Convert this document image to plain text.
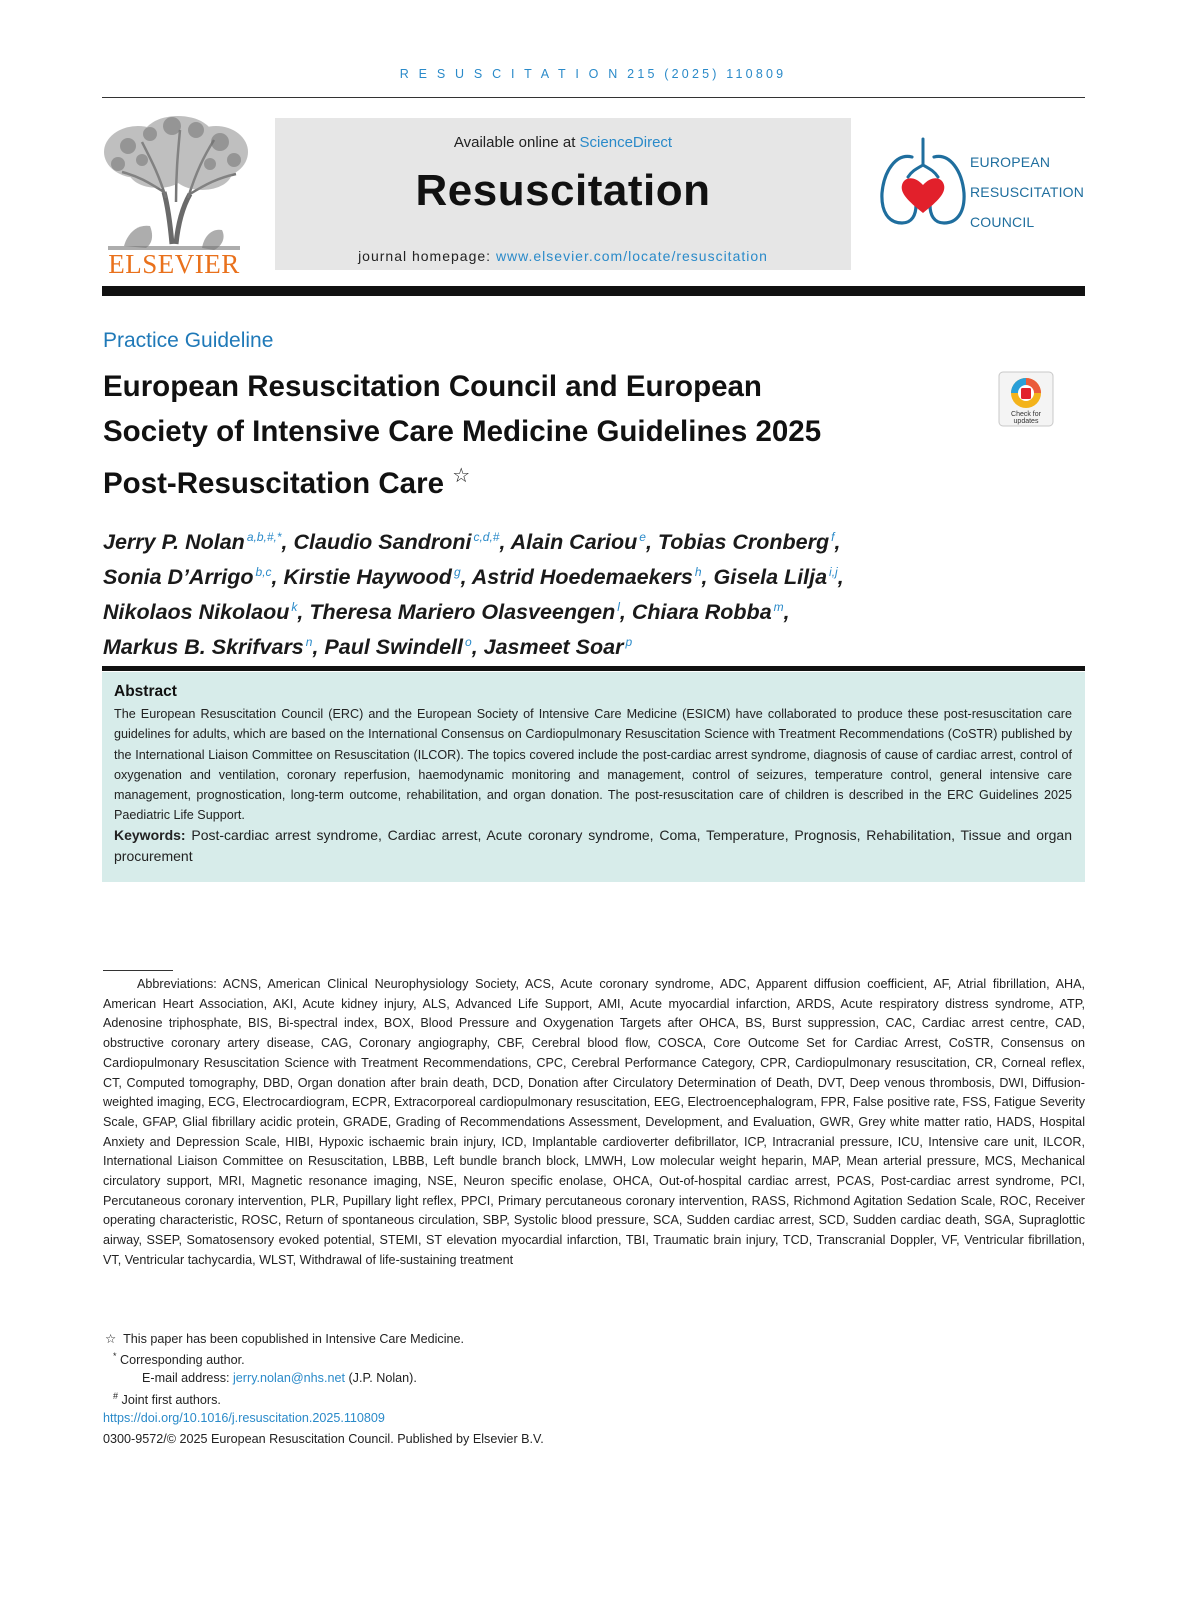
R E S U S C I T A T I O N 215 (2025) 110809
ELSEVIER
Available online at ScienceDirect
Resuscitation
journal homepage: www.elsevier.com/locate/resuscitation
EUROPEAN
RESUSCITATION
COUNCIL
Practice Guideline
European Resuscitation Council and European
Society of Intensive Care Medicine Guidelines 2025
Post-Resuscitation Care ☆
Check for
updates
Jerry P. Nolan $^{a,b,\#,*}$, Claudio Sandroni $^{c,d,\#}$, Alain Cariou $^e$, Tobias Cronberg $^f$,
Sonia D’Arrigo $^{b,c}$, Kirstie Haywood $^g$, Astrid Hoedemaekers $^h$, Gisela Lilja $^{i,j}$,
Nikolaos Nikolaou $^k$, Theresa Mariero Olasveengen $^l$, Chiara Robba $^m$,
Markus B. Skrifvars $^n$, Paul Swindell $^o$, Jasmeet Soar $^p$
Abstract
The European Resuscitation Council (ERC) and the European Society of Intensive Care Medicine (ESICM) have collaborated to produce these post-resuscitation care guidelines for adults, which are based on the International Consensus on Cardiopulmonary Resuscitation Science with Treatment Recommendations (CoSTR) published by the International Liaison Committee on Resuscitation (ILCOR). The topics covered include the post-cardiac arrest syndrome, diagnosis of cause of cardiac arrest, control of oxygenation and ventilation, coronary reperfusion, haemodynamic monitoring and management, control of seizures, temperature control, general intensive care management, prognostication, long-term outcome, rehabilitation, and organ donation. The post-resuscitation care of children is described in the ERC Guidelines 2025 Paediatric Life Support.
Keywords: Post-cardiac arrest syndrome, Cardiac arrest, Acute coronary syndrome, Coma, Temperature, Prognosis, Rehabilitation, Tissue and organ procurement
Abbreviations: ACNS, American Clinical Neurophysiology Society, ACS, Acute coronary syndrome, ADC, Apparent diffusion coefficient, AF, Atrial fibrillation, AHA, American Heart Association, AKI, Acute kidney injury, ALS, Advanced Life Support, AMI, Acute myocardial infarction, ARDS, Acute respiratory distress syndrome, ATP, Adenosine triphosphate, BIS, Bi-spectral index, BOX, Blood Pressure and Oxygenation Targets after OHCA, BS, Burst suppression, CAC, Cardiac arrest centre, CAD, obstructive coronary artery disease, CAG, Coronary angiography, CBF, Cerebral blood flow, COSCA, Core Outcome Set for Cardiac Arrest, CoSTR, Consensus on Cardiopulmonary Resuscitation Science with Treatment Recommendations, CPC, Cerebral Performance Category, CPR, Cardiopulmonary resuscitation, CR, Corneal reflex, CT, Computed tomography, DBD, Organ donation after brain death, DCD, Donation after Circulatory Determination of Death, DVT, Deep venous thrombosis, DWI, Diffusion-weighted imaging, ECG, Electrocardiogram, ECPR, Extracorporeal cardiopulmonary resuscitation, EEG, Electroencephalogram, FPR, False positive rate, FSS, Fatigue Severity Scale, GFAP, Glial fibrillary acidic protein, GRADE, Grading of Recommendations Assessment, Development, and Evaluation, GWR, Grey white matter ratio, HADS, Hospital Anxiety and Depression Scale, HIBI, Hypoxic ischaemic brain injury, ICD, Implantable cardioverter defibrillator, ICP, Intracranial pressure, ICU, Intensive care unit, ILCOR, International Liaison Committee on Resuscitation, LBBB, Left bundle branch block, LMWH, Low molecular weight heparin, MAP, Mean arterial pressure, MCS, Mechanical circulatory support, MRI, Magnetic resonance imaging, NSE, Neuron specific enolase, OHCA, Out-of-hospital cardiac arrest, PCAS, Post-cardiac arrest syndrome, PCI, Percutaneous coronary intervention, PLR, Pupillary light reflex, PPCI, Primary percutaneous coronary intervention, RASS, Richmond Agitation Sedation Scale, ROC, Receiver operating characteristic, ROSC, Return of spontaneous circulation, SBP, Systolic blood pressure, SCA, Sudden cardiac arrest, SCD, Sudden cardiac death, SGA, Supraglottic airway, SSEP, Somatosensory evoked potential, STEMI, ST elevation myocardial infarction, TBI, Traumatic brain injury, TCD, Transcranial Doppler, VF, Ventricular fibrillation, VT, Ventricular tachycardia, WLST, Withdrawal of life-sustaining treatment
☆ This paper has been copublished in Intensive Care Medicine.
* Corresponding author.
E-mail address: jerry.nolan@nhs.net (J.P. Nolan).
# Joint first authors.
https://doi.org/10.1016/j.resuscitation.2025.110809
0300-9572/© 2025 European Resuscitation Council. Published by Elsevier B.V.
